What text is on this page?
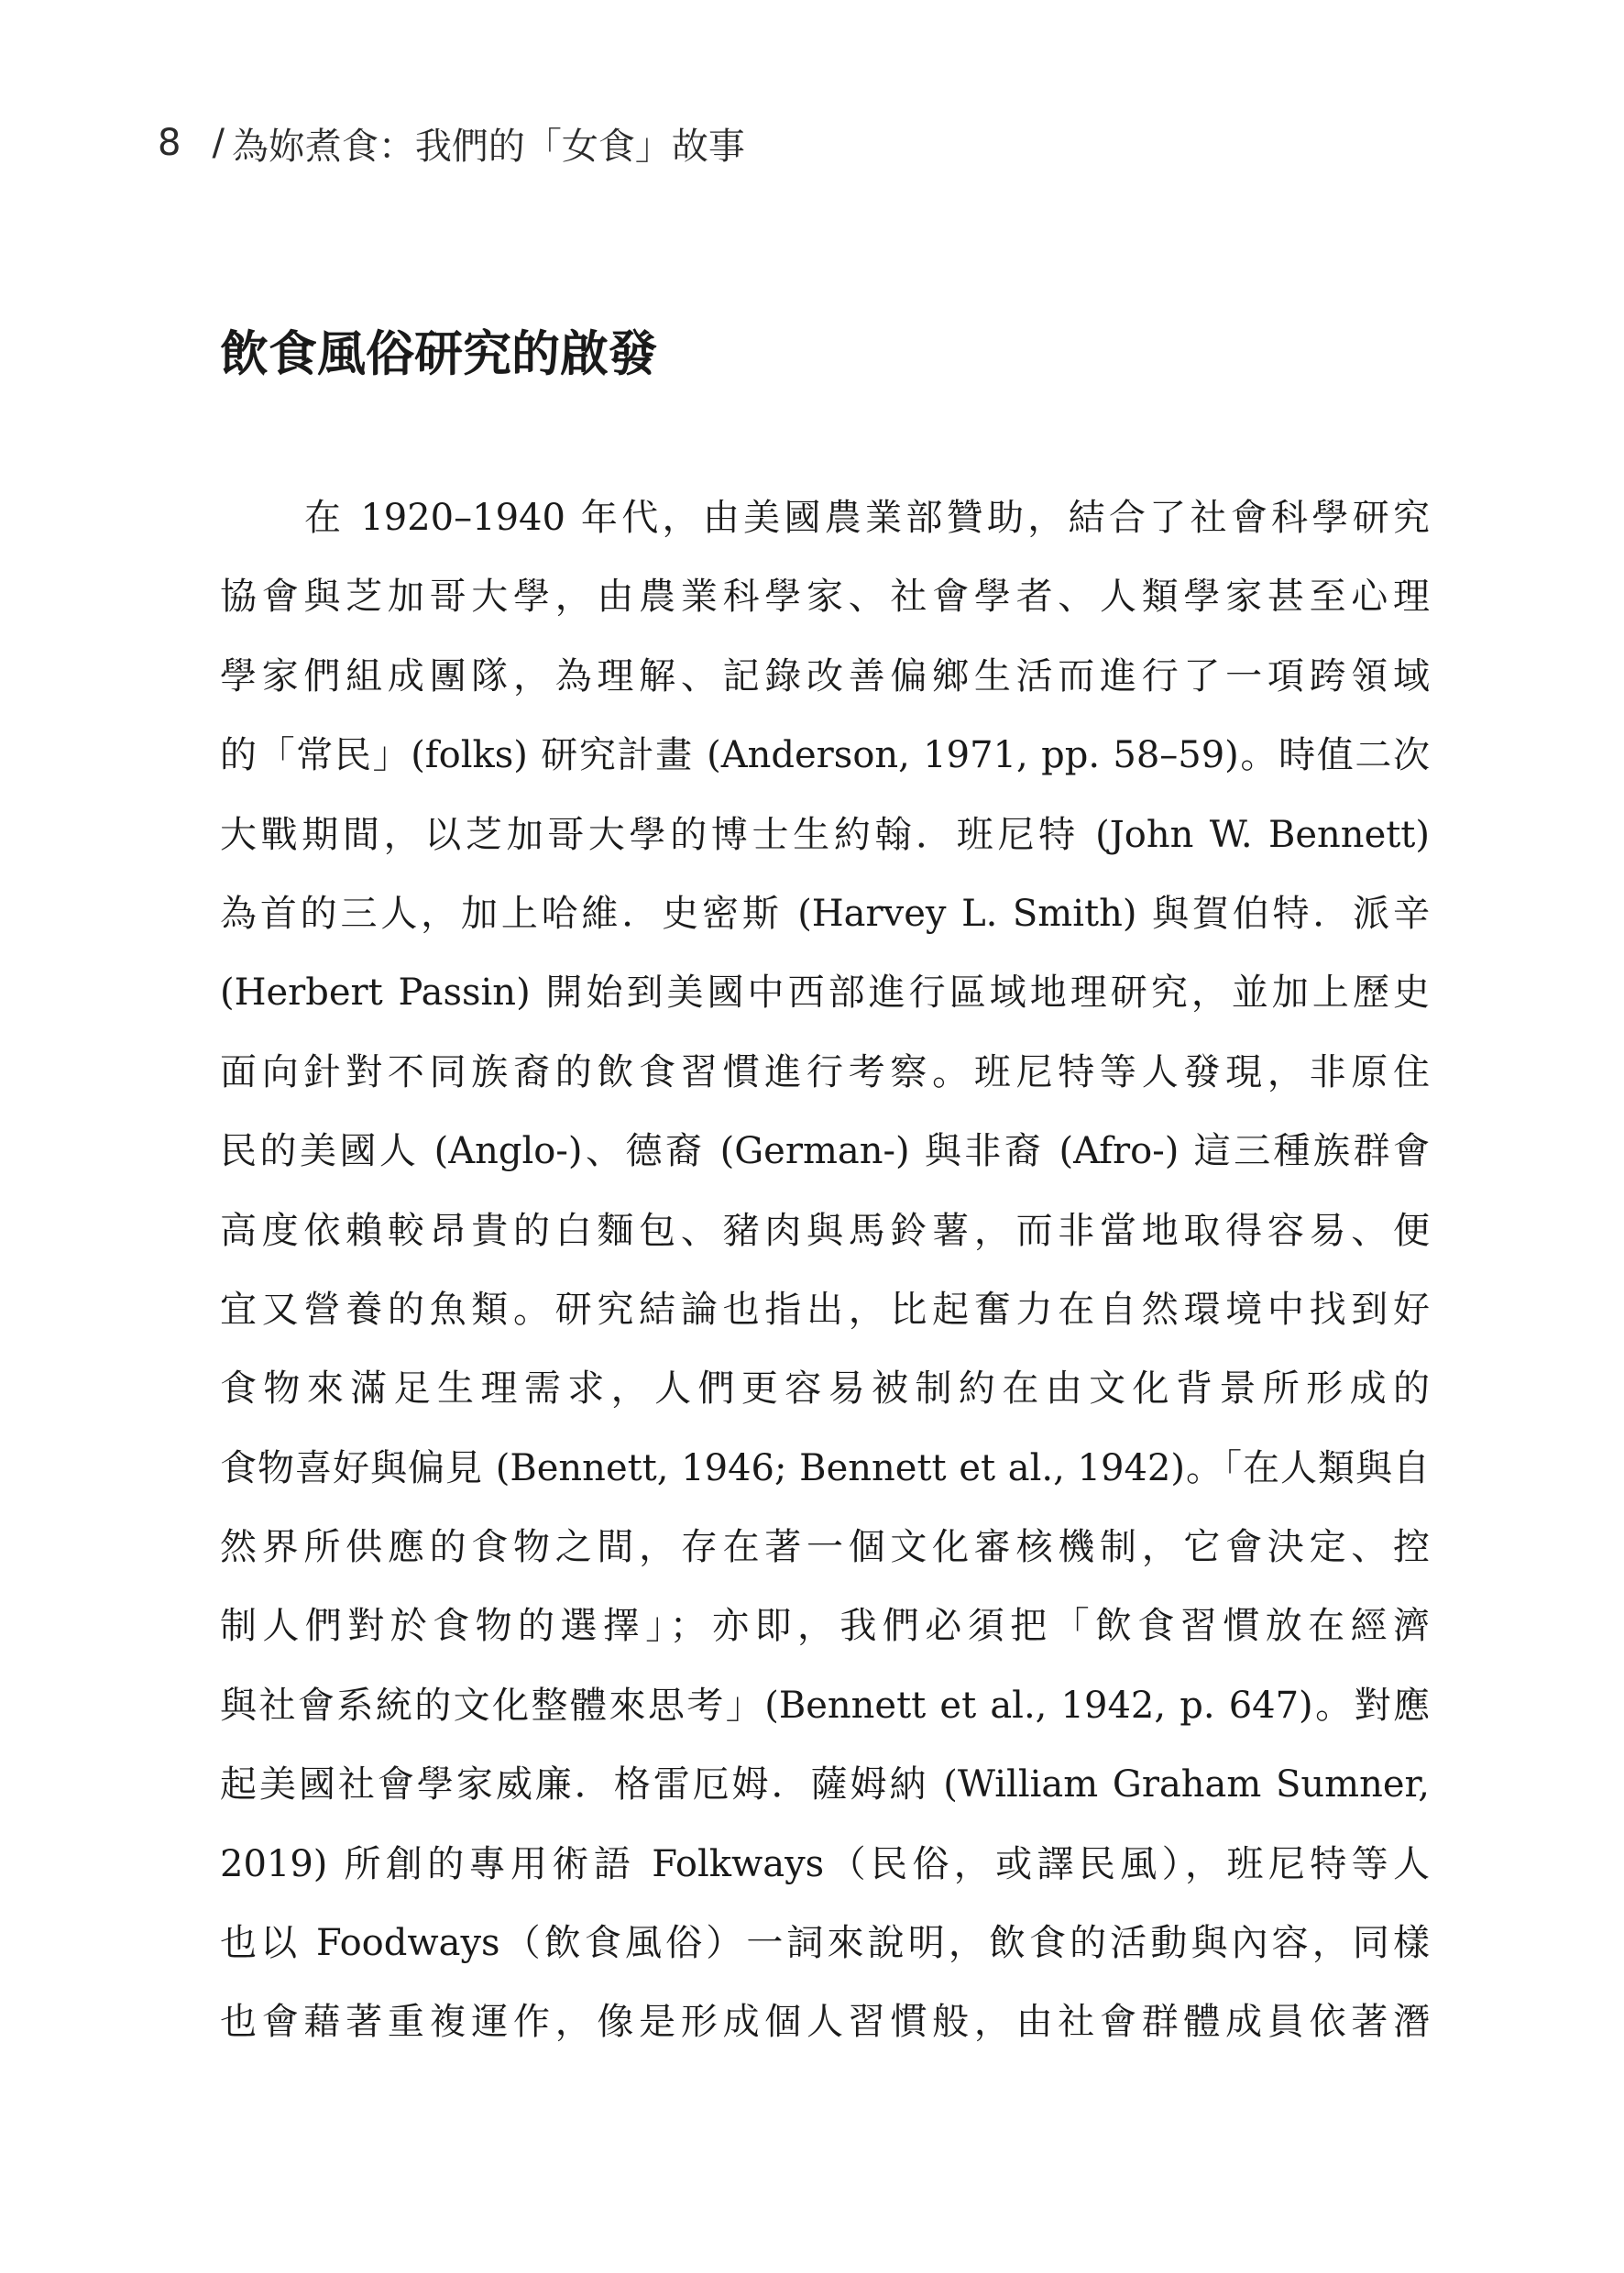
8 / 為妳煮食：我們的「女食」故事
飲食風俗研究的啟發
在 1920–1940 年代，由美國農業部贊助，結合了社會科學研究
協會與芝加哥大學，由農業科學家、社會學者、人類學家甚至心理
學家們組成團隊，為理解、記錄改善偏鄉生活而進行了一項跨領域
的「常民」(folks) 研究計畫 (Anderson, 1971, pp. 58–59)。時值二次
大戰期間，以芝加哥大學的博士生約翰．班尼特 (John W. Bennett)
為首的三人，加上哈維．史密斯 (Harvey L. Smith) 與賀伯特．派辛
(Herbert Passin) 開始到美國中西部進行區域地理研究，並加上歷史
面向針對不同族裔的飲食習慣進行考察。班尼特等人發現，非原住
民的美國人 (Anglo-)、德裔 (German-) 與非裔 (Afro-) 這三種族群會
高度依賴較昂貴的白麵包、豬肉與馬鈴薯，而非當地取得容易、便
宜又營養的魚類。研究結論也指出，比起奮力在自然環境中找到好
食物來滿足生理需求，人們更容易被制約在由文化背景所形成的
食物喜好與偏見 (Bennett, 1946; Bennett et al., 1942)。「在人類與自
然界所供應的食物之間，存在著一個文化審核機制，它會決定、控
制人們對於食物的選擇」；亦即，我們必須把「飲食習慣放在經濟
與社會系統的文化整體來思考」(Bennett et al., 1942, p. 647)。對應
起美國社會學家威廉．格雷厄姆．薩姆納 (William Graham Sumner,
2019) 所創的專用術語 Folkways（民俗，或譯民風），班尼特等人
也以 Foodways（飲食風俗）一詞來說明，飲食的活動與內容，同樣
也會藉著重複運作，像是形成個人習慣般，由社會群體成員依著潛
